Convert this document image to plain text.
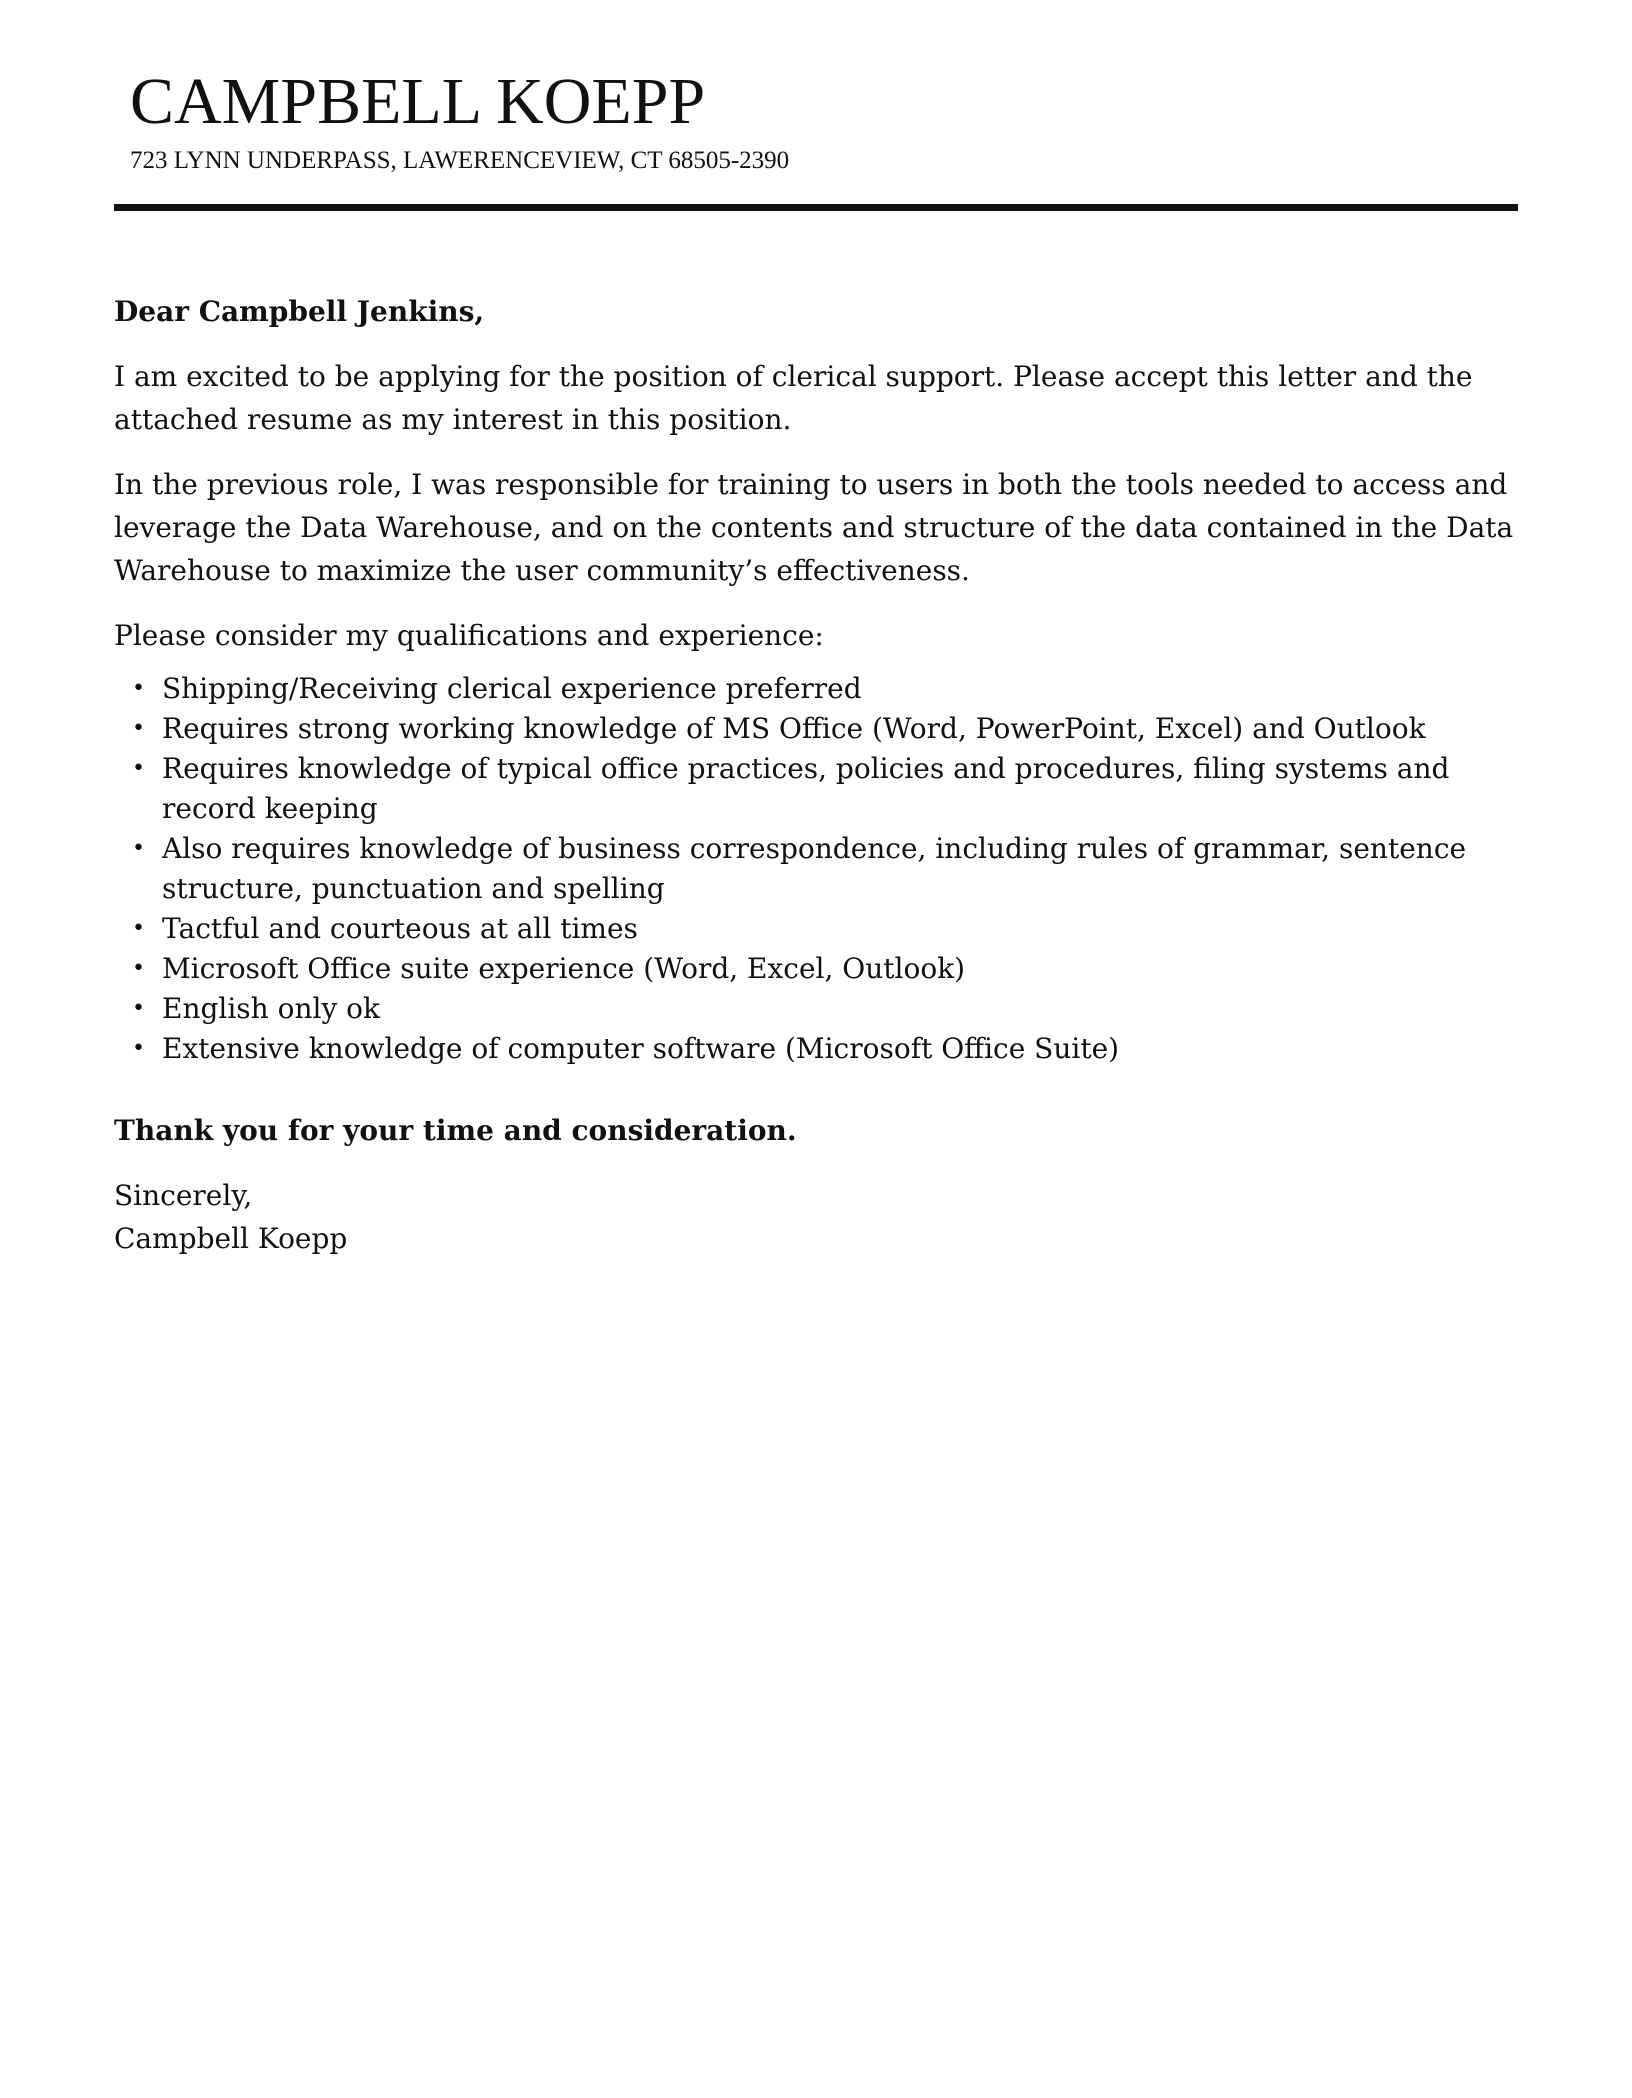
CAMPBELL KOEPP
723 LYNN UNDERPASS, LAWERENCEVIEW, CT 68505-2390

Dear Campbell Jenkins,

I am excited to be applying for the position of clerical support. Please accept this letter and the attached resume as my interest in this position.

In the previous role, I was responsible for training to users in both the tools needed to access and leverage the Data Warehouse, and on the contents and structure of the data contained in the Data Warehouse to maximize the user community’s effectiveness.

Please consider my qualifications and experience:

• Shipping/Receiving clerical experience preferred
• Requires strong working knowledge of MS Office (Word, PowerPoint, Excel) and Outlook
• Requires knowledge of typical office practices, policies and procedures, filing systems and record keeping
• Also requires knowledge of business correspondence, including rules of grammar, sentence structure, punctuation and spelling
• Tactful and courteous at all times
• Microsoft Office suite experience (Word, Excel, Outlook)
• English only ok
• Extensive knowledge of computer software (Microsoft Office Suite)

Thank you for your time and consideration.

Sincerely,

Campbell Koepp
